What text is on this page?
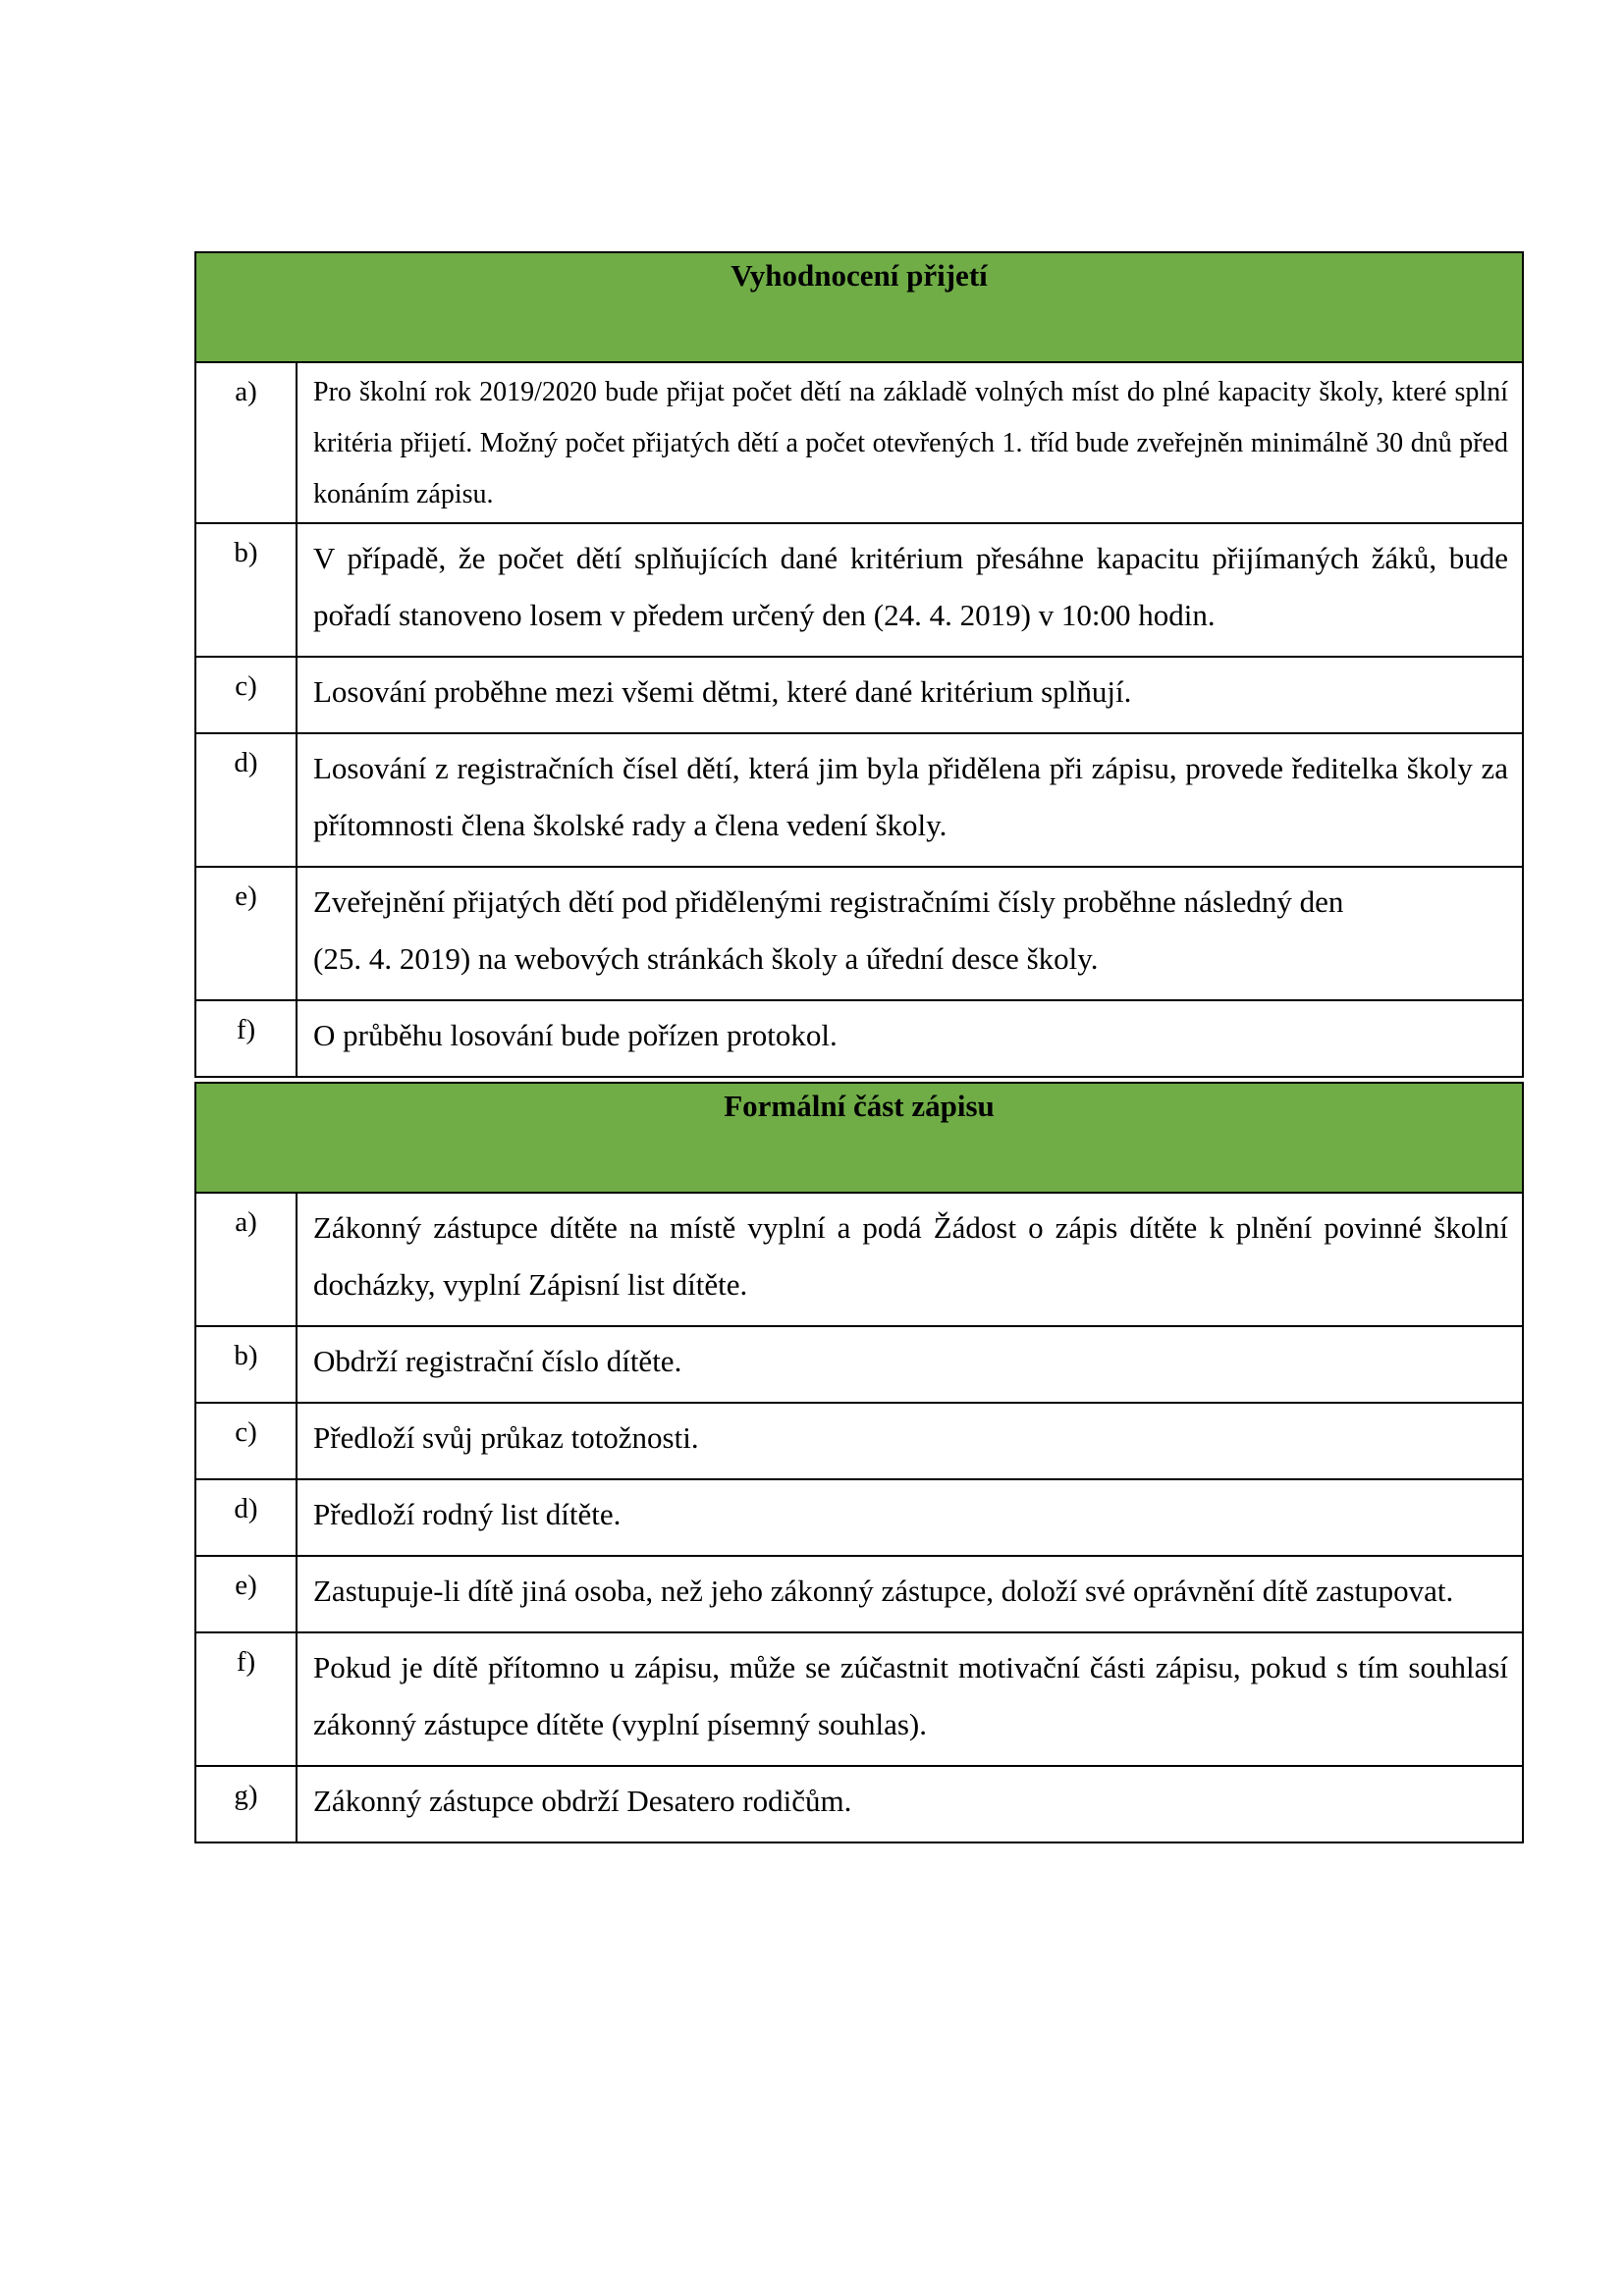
Vyhodnocení přijetí	
a)	Pro školní rok 2019/2020 bude přijat počet dětí na základě volných míst do plné kapacity školy, které splní kritéria přijetí. Možný počet přijatých dětí a počet otevřených 1. tříd bude zveřejněn minimálně 30 dnů před konáním zápisu.
b)	V případě, že počet dětí splňujících dané kritérium přesáhne kapacitu přijímaných žáků, bude pořadí stanoveno losem v předem určený den (24. 4. 2019) v 10:00 hodin.
c)	Losování proběhne mezi všemi dětmi, které dané kritérium splňují.
d)	Losování z registračních čísel dětí, která jim byla přidělena při zápisu, provede ředitelka školy za přítomnosti člena školské rady a člena vedení školy.
e)	Zveřejnění přijatých dětí pod přidělenými registračními čísly proběhne následný den
(25. 4. 2019) na webových stránkách školy a úřední desce školy.

f)	O průběhu losování bude pořízen protokol.
Formální část zápisu	
a)	Zákonný zástupce dítěte na místě vyplní a podá Žádost o zápis dítěte k plnění povinné školní docházky, vyplní Zápisní list dítěte.
b)	Obdrží registrační číslo dítěte.
c)	Předloží svůj průkaz totožnosti.
d)	Předloží rodný list dítěte.
e)	Zastupuje-li dítě jiná osoba, než jeho zákonný zástupce, doloží své oprávnění dítě zastupovat.
f)	Pokud je dítě přítomno u zápisu, může se zúčastnit motivační části zápisu, pokud s tím souhlasí zákonný zástupce dítěte (vyplní písemný souhlas).
g)	Zákonný zástupce obdrží Desatero rodičům.
